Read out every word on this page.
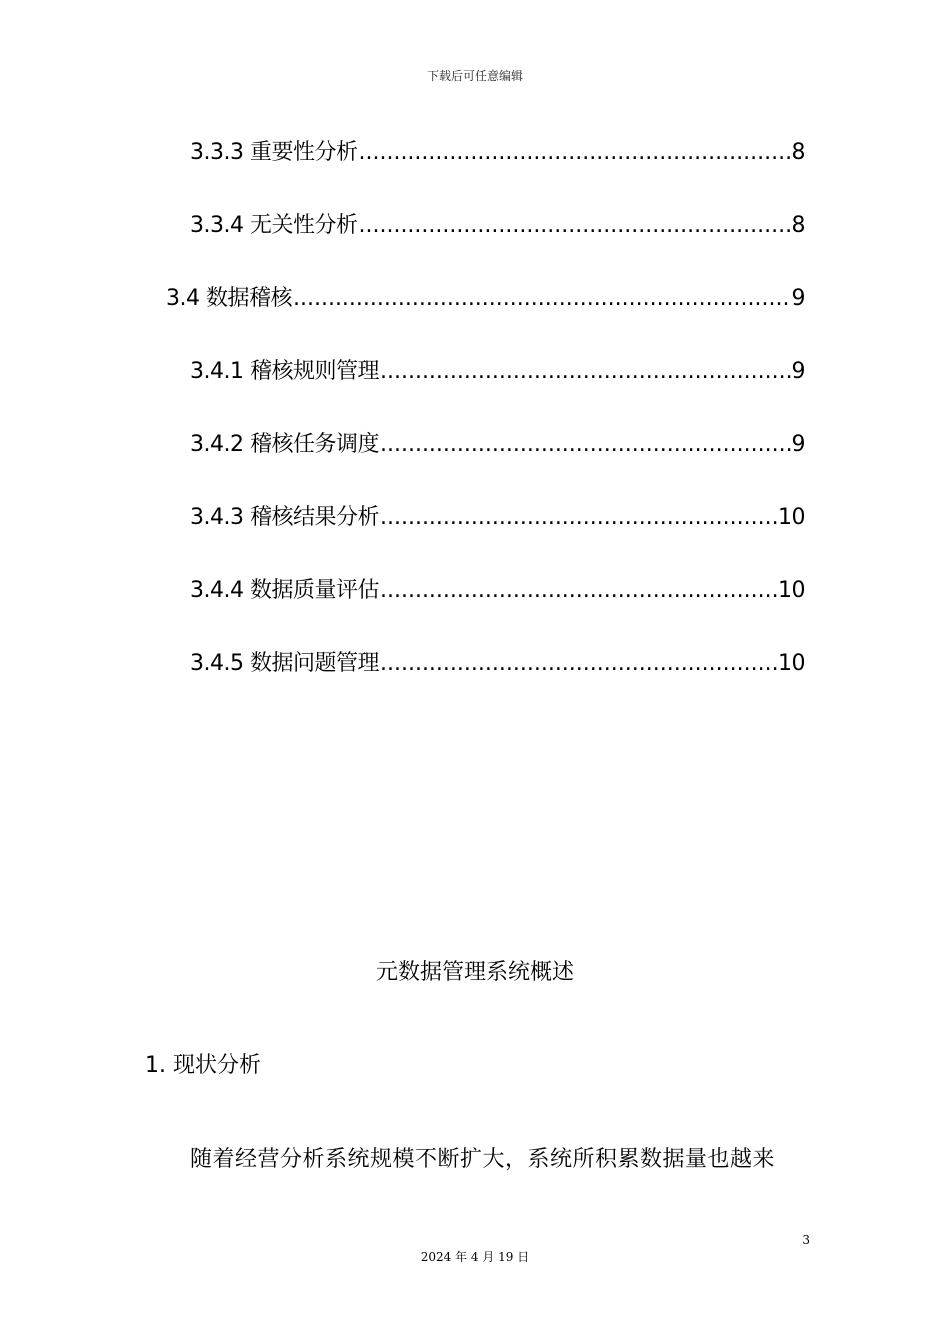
下载后可任意编辑
3.3.3 重要性分析 .....	8
3.3.4 无关性分析 .....	8
3.4 数据稽核 .....	9
3.4.1 稽核规则管理 .....	9
3.4.2 稽核任务调度 .....	9
3.4.3 稽核结果分析 .....	10
3.4.4 数据质量评估 .....	10
3.4.5 数据问题管理 .....	10
元数据管理系统概述
1. 现状分析
随着经营分析系统规模不断扩大，系统所积累数据量也越来
3
2024 年 4 月 19 日
